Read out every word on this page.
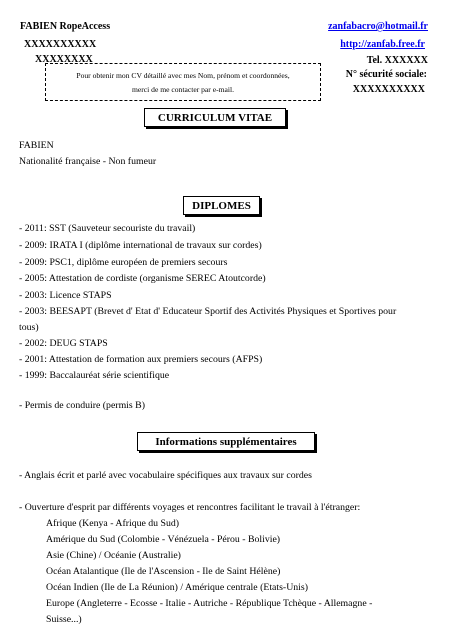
FABIEN RopeAccess
XXXXXXXXXX
XXXXXXXX
zanfabacro@hotmail.fr
http://zanfab.free.fr
Tel. XXXXXX
N° sécurité sociale:
XXXXXXXXXX
Pour obtenir mon CV détaillé avec mes Nom, prénom et coordonnées,
merci de me contacter par e-mail.
CURRICULUM VITAE
FABIEN
Nationalité française - Non fumeur
DIPLOMES
- 2011: SST (Sauveteur secouriste du travail)
- 2009: IRATA I (diplôme international de travaux sur cordes)
- 2009: PSC1, diplôme européen de premiers secours
- 2005: Attestation de cordiste (organisme SEREC Atoutcorde)
- 2003: Licence STAPS
- 2003: BEESAPT (Brevet d' Etat d' Educateur Sportif des Activités Physiques et Sportives pour
tous)
- 2002: DEUG STAPS
- 2001: Attestation de formation aux premiers secours (AFPS)
- 1999: Baccalauréat série scientifique
- Permis de conduire (permis B)
Informations supplémentaires
- Anglais écrit et parlé avec vocabulaire spécifiques aux travaux sur cordes
- Ouverture d'esprit par différents voyages et rencontres facilitant le travail à l'étranger:
Afrique (Kenya - Afrique du Sud)
Amérique du Sud (Colombie - Vénézuela - Pérou - Bolivie)
Asie (Chine) / Océanie (Australie)
Océan Atalantique (Ile de l'Ascension - Ile de Saint Hélène)
Océan Indien (Ile de La Réunion) / Amérique centrale (Etats-Unis)
Europe (Angleterre - Ecosse - Italie - Autriche - République Tchèque - Allemagne -
Suisse...)
